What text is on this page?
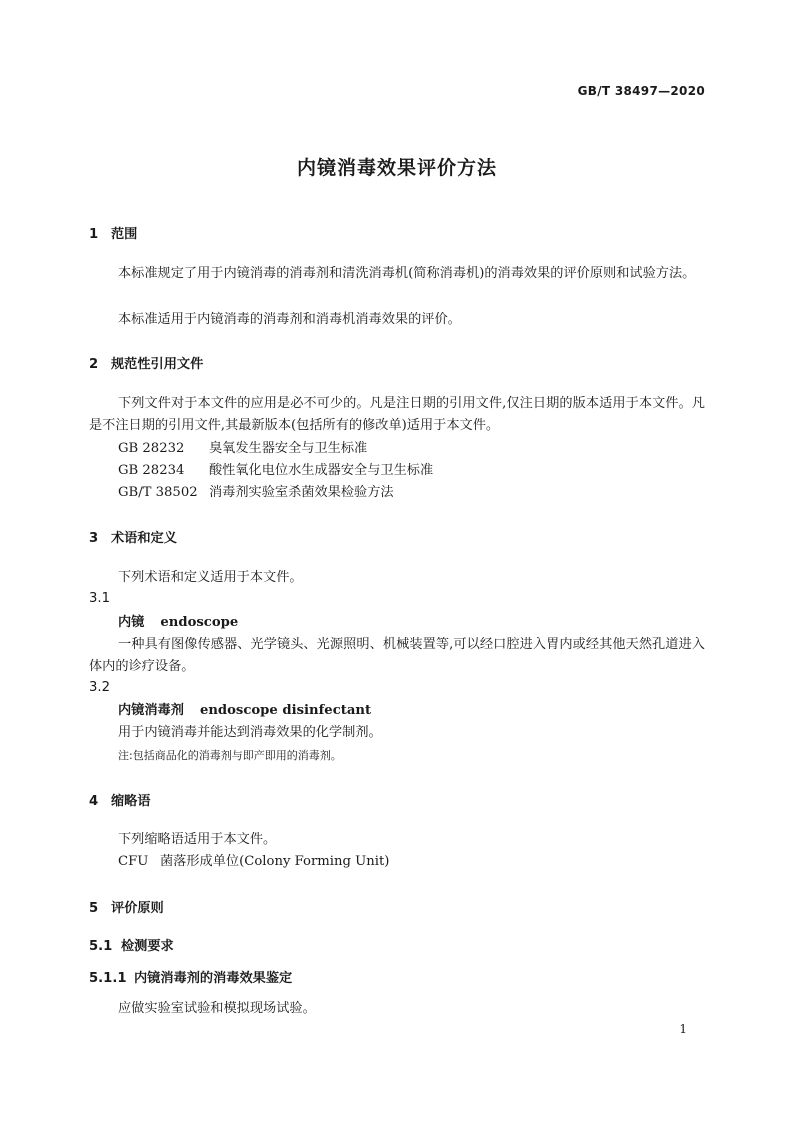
GB/T 38497—2020
内镜消毒效果评价方法
1 范围
本标准规定了用于内镜消毒的消毒剂和清洗消毒机(简称消毒机)的消毒效果的评价原则和试验方法。
本标准适用于内镜消毒的消毒剂和消毒机消毒效果的评价。
2 规范性引用文件
下列文件对于本文件的应用是必不可少的。凡是注日期的引用文件,仅注日期的版本适用于本文件。凡是不注日期的引用文件,其最新版本(包括所有的修改单)适用于本文件。
GB 28232 臭氧发生器安全与卫生标准
GB 28234 酸性氧化电位水生成器安全与卫生标准
GB/T 38502 消毒剂实验室杀菌效果检验方法
3 术语和定义
下列术语和定义适用于本文件。
3.1
内镜 endoscope
一种具有图像传感器、光学镜头、光源照明、机械装置等,可以经口腔进入胃内或经其他天然孔道进入体内的诊疗设备。
3.2
内镜消毒剂 endoscope disinfectant
用于内镜消毒并能达到消毒效果的化学制剂。
注:包括商品化的消毒剂与即产即用的消毒剂。
4 缩略语
下列缩略语适用于本文件。
CFU 菌落形成单位(Colony Forming Unit)
5 评价原则
5.1 检测要求
5.1.1 内镜消毒剂的消毒效果鉴定
应做实验室试验和模拟现场试验。
1
